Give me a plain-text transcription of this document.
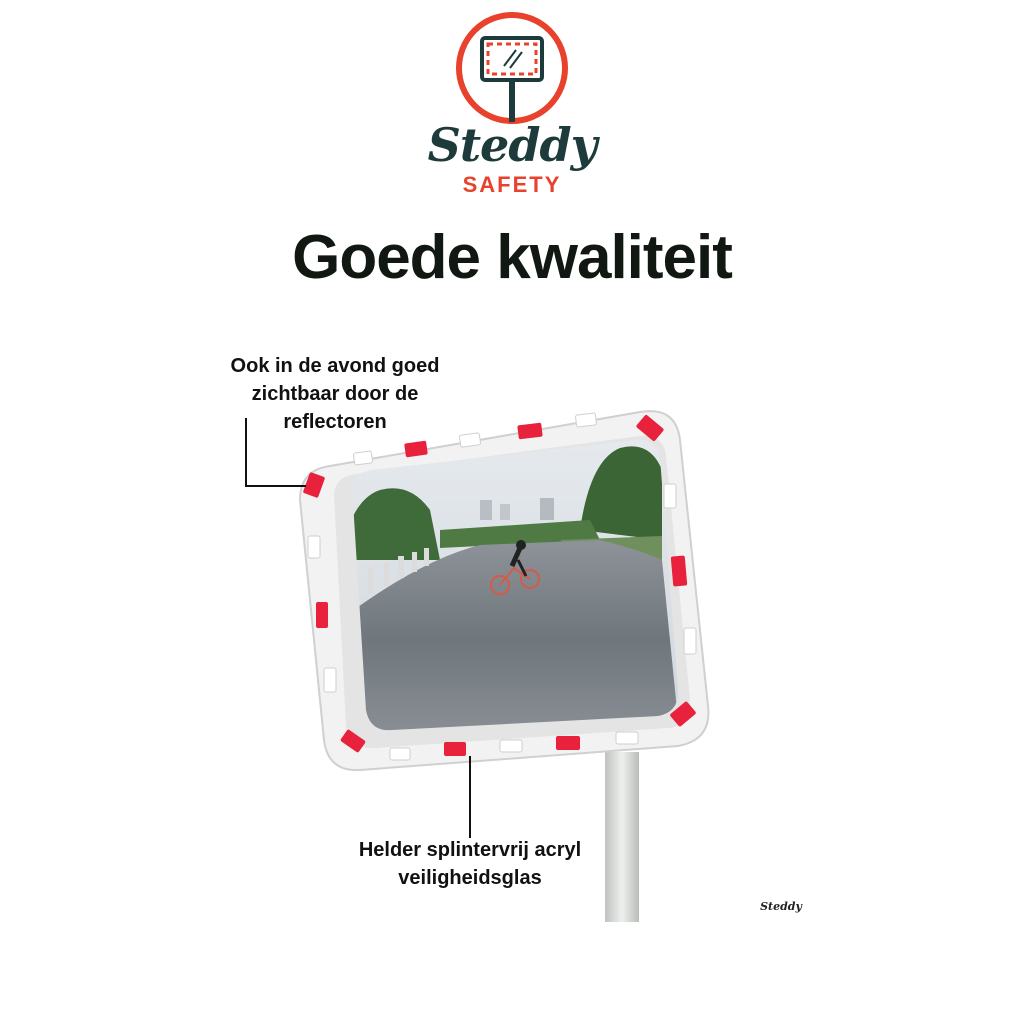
Steddy
SAFETY
Goede kwaliteit
Ook in de avond goed
zichtbaar door de
reflectoren
Helder splintervrij acryl
veiligheidsglas
Steddy
